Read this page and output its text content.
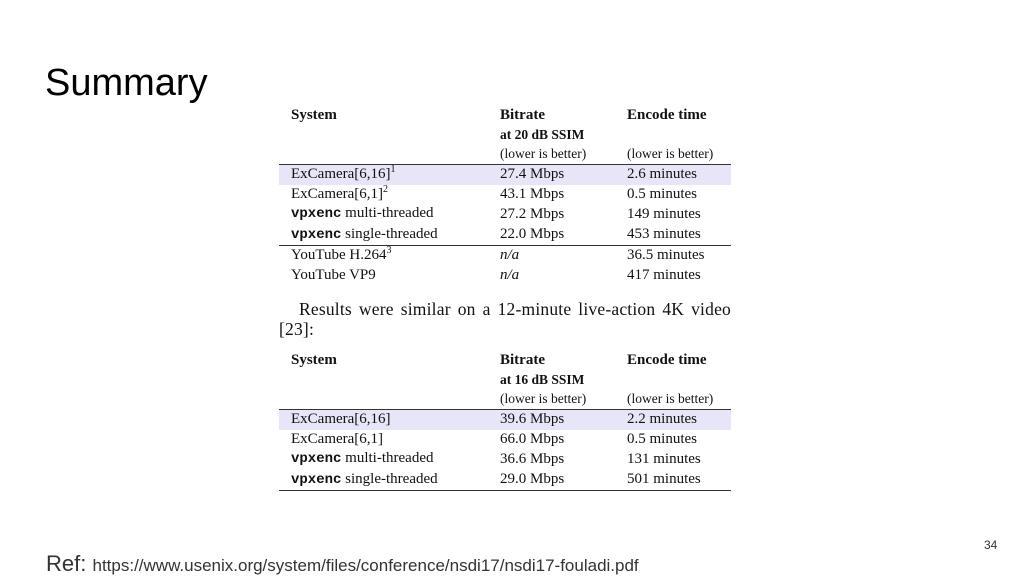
Summary
System	Bitrate	Encode time
	at 20 dB SSIM	
	(lower is better)	(lower is better)
$ExCamera[6,16]^1$	27.4 Mbps	2.6 minutes
$ExCamera[6,1]^2$	43.1 Mbps	0.5 minutes
vpxenc multi-threaded	27.2 Mbps	149 minutes
vpxenc single-threaded	22.0 Mbps	453 minutes
YouTube H.264$^3$	n/a	36.5 minutes
YouTube VP9	n/a	417 minutes

Results were similar on a 12-minute live-action 4K video [23]:

System	Bitrate	Encode time
	at 16 dB SSIM	
	(lower is better)	(lower is better)
ExCamera[6,16]	39.6 Mbps	2.2 minutes
ExCamera[6,1]	66.0 Mbps	0.5 minutes
vpxenc multi-threaded	36.6 Mbps	131 minutes
vpxenc single-threaded	29.0 Mbps	501 minutes
34
Ref: https://www.usenix.org/system/files/conference/nsdi17/nsdi17-fouladi.pdf
